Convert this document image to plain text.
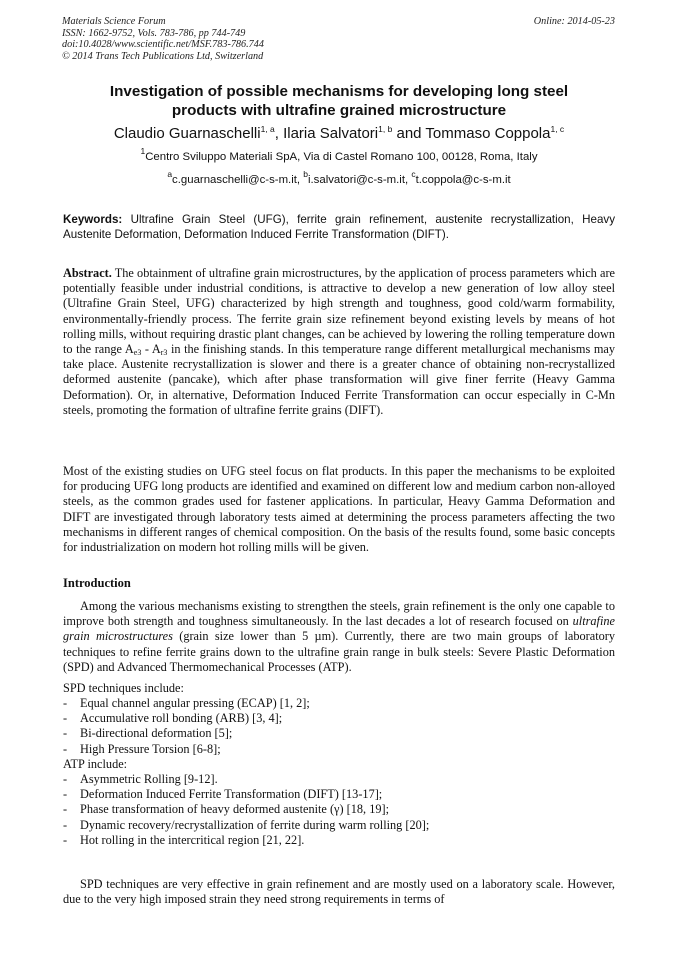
Materials Science Forum
ISSN: 1662-9752, Vols. 783-786, pp 744-749
doi:10.4028/www.scientific.net/MSF.783-786.744
© 2014 Trans Tech Publications Ltd, Switzerland
Online: 2014-05-23
Investigation of possible mechanisms for developing long steel
products with ultrafine grained microstructure
Claudio Guarnaschelli$^{1, a}$, Ilaria Salvatori$^{1, b}$ and Tommaso Coppola$^{1, c}$
$^1$Centro Sviluppo Materiali SpA, Via di Castel Romano 100, 00128, Roma, Italy
$^a$c.guarnaschelli@c-s-m.it, $^b$i.salvatori@c-s-m.it, $^c$t.coppola@c-s-m.it
Keywords: Ultrafine Grain Steel (UFG), ferrite grain refinement, austenite recrystallization, Heavy Austenite Deformation, Deformation Induced Ferrite Transformation (DIFT).
Abstract. The obtainment of ultrafine grain microstructures, by the application of process parameters which are potentially feasible under industrial conditions, is attractive to develop a new generation of low alloy steel (Ultrafine Grain Steel, UFG) characterized by high strength and toughness, good cold/warm formability, environmentally-friendly process. The ferrite grain size refinement beyond existing levels by means of hot rolling mills, without requiring drastic plant changes, can be achieved by lowering the rolling temperature down to the range $A_{e3} - A_{r3}$ in the finishing stands. In this temperature range different metallurgical mechanisms may take place. Austenite recrystallization is slower and there is a greater chance of obtaining non-recrystallized deformed austenite (pancake), which after phase transformation will give finer ferrite (Heavy Gamma Deformation). Or, in alternative, Deformation Induced Ferrite Transformation can occur especially in C-Mn steels, promoting the formation of ultrafine ferrite grains (DIFT).
Most of the existing studies on UFG steel focus on flat products. In this paper the mechanisms to be exploited for producing UFG long products are identified and examined on different low and medium carbon non-alloyed steels, as the common grades used for fastener applications. In particular, Heavy Gamma Deformation and DIFT are investigated through laboratory tests aimed at determining the process parameters affecting the two mechanisms in different ranges of chemical composition. On the basis of the results found, some basic concepts for industrialization on modern hot rolling mills will be given.
Introduction
Among the various mechanisms existing to strengthen the steels, grain refinement is the only one capable to improve both strength and toughness simultaneously. In the last decades a lot of research focused on ultrafine grain microstructures (grain size lower than 5 µm). Currently, there are two main groups of laboratory techniques to refine ferrite grains down to the ultrafine grain range in bulk steels: Severe Plastic Deformation (SPD) and Advanced Thermomechanical Processes (ATP).
SPD techniques include:
- Equal channel angular pressing (ECAP) [1, 2];
- Accumulative roll bonding (ARB) [3, 4];
- Bi-directional deformation [5];
- High Pressure Torsion [6-8];
ATP include:
- Asymmetric Rolling [9-12].
- Deformation Induced Ferrite Transformation (DIFT) [13-17];
- Phase transformation of heavy deformed austenite (γ) [18, 19];
- Dynamic recovery/recrystallization of ferrite during warm rolling [20];
- Hot rolling in the intercritical region [21, 22].
SPD techniques are very effective in grain refinement and are mostly used on a laboratory scale. However, due to the very high imposed strain they need strong requirements in terms of
